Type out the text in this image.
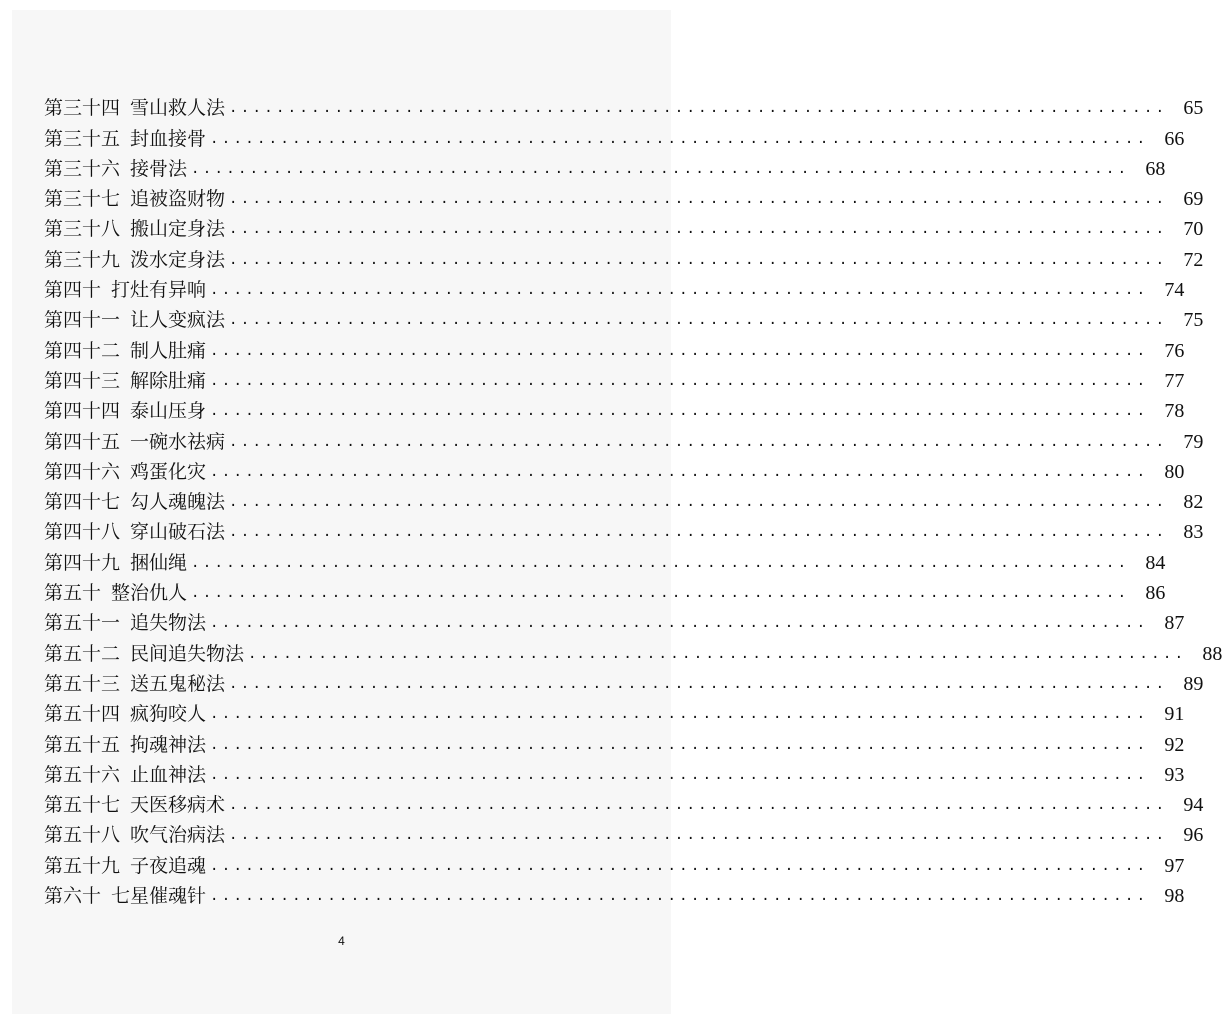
第三十四 雪山救人法 ................................................................................ 65
第三十五 封血接骨 ................................................................................ 66
第三十六 接骨法 ................................................................................ 68
第三十七 追被盗财物 ................................................................................ 69
第三十八 搬山定身法 ................................................................................ 70
第三十九 泼水定身法 ................................................................................ 72
第四十 打灶有异响 ................................................................................ 74
第四十一 让人变疯法 ................................................................................ 75
第四十二 制人肚痛 ................................................................................ 76
第四十三 解除肚痛 ................................................................................ 77
第四十四 泰山压身 ................................................................................ 78
第四十五 一碗水祛病 ................................................................................ 79
第四十六 鸡蛋化灾 ................................................................................ 80
第四十七 勾人魂魄法 ................................................................................ 82
第四十八 穿山破石法 ................................................................................ 83
第四十九 捆仙绳 ................................................................................ 84
第五十 整治仇人 ................................................................................ 86
第五十一 追失物法 ................................................................................ 87
第五十二 民间追失物法 ................................................................................ 88
第五十三 送五鬼秘法 ................................................................................ 89
第五十四 疯狗咬人 ................................................................................ 91
第五十五 拘魂神法 ................................................................................ 92
第五十六 止血神法 ................................................................................ 93
第五十七 天医移病术 ................................................................................ 94
第五十八 吹气治病法 ................................................................................ 96
第五十九 子夜追魂 ................................................................................ 97
第六十 七星催魂针 ................................................................................ 98
4
